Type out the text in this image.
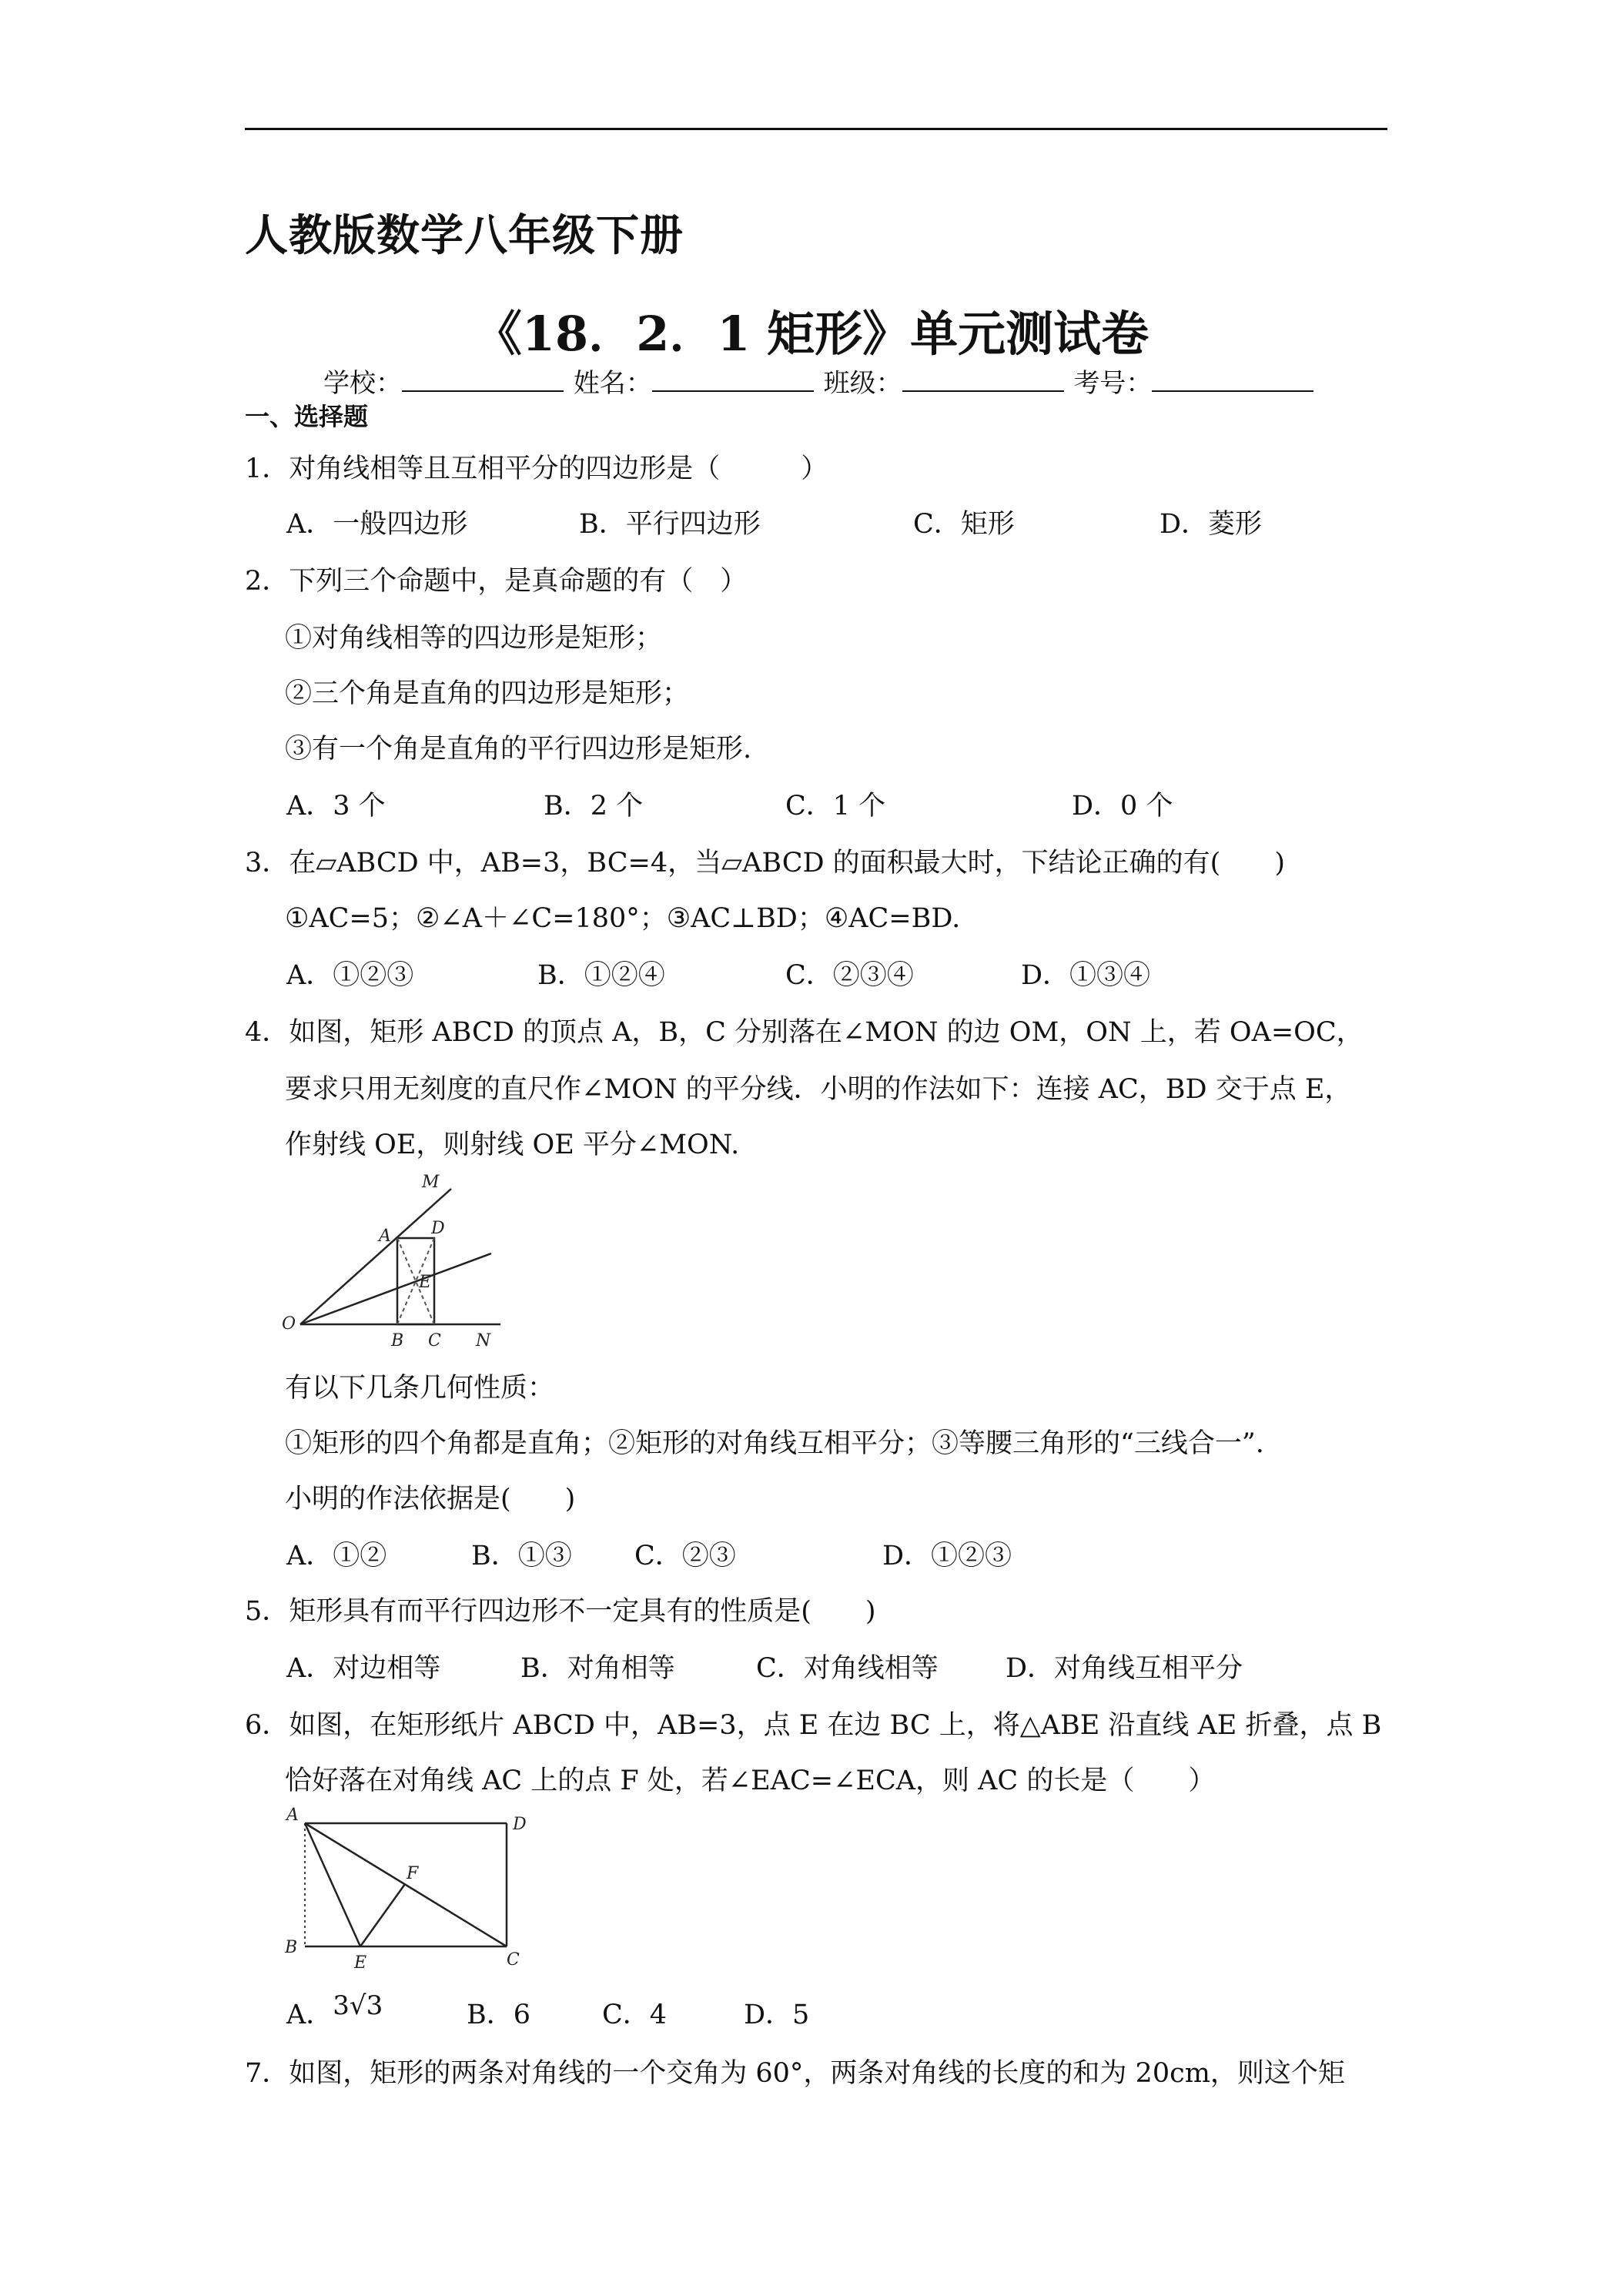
人教版数学八年级下册
《18．2．1 矩形》单元测试卷
学校：	姓名：	班级：	考号：
一、选择题
1．对角线相等且互相平分的四边形是（　　　）
A．一般四边形	B．平行四边形	C．矩形	D．菱形
2．下列三个命题中，是真命题的有（　）
①对角线相等的四边形是矩形；
②三个角是直角的四边形是矩形；
③有一个角是直角的平行四边形是矩形.
A．3 个	B．2 个	C．1 个	D．0 个
3．在▱ABCD 中，AB=3，BC=4，当▱ABCD 的面积最大时，下结论正确的有(　　)
①AC=5；②∠A＋∠C=180°；③AC⊥BD；④AC=BD.
A．①②③	B．①②④	C．②③④	D．①③④
4．如图，矩形 ABCD 的顶点 A，B，C 分别落在∠MON 的边 OM，ON 上，若 OA=OC，
要求只用无刻度的直尺作∠MON 的平分线．小明的作法如下：连接 AC，BD 交于点 E，
作射线 OE，则射线 OE 平分∠MON.
M
A D
E
O
B C N
有以下几条几何性质：
①矩形的四个角都是直角；②矩形的对角线互相平分；③等腰三角形的“三线合一”.
小明的作法依据是(　　)
A．①②	B．①③ C．②③	D．①②③
5．矩形具有而平行四边形不一定具有的性质是(　　)
A．对边相等	B．对角相等	C．对角线相等 D．对角线互相平分
6．如图，在矩形纸片 ABCD 中，AB=3，点 E 在边 BC 上，将△ABE 沿直线 AE 折叠，点 B
恰好落在对角线 AC 上的点 F 处，若∠EAC=∠ECA，则 AC 的长是（　　）
A	D
F
B
E	C
A．3√3	B．6	C．4	D．5
7．如图，矩形的两条对角线的一个交角为 60°，两条对角线的长度的和为 20cm，则这个矩
